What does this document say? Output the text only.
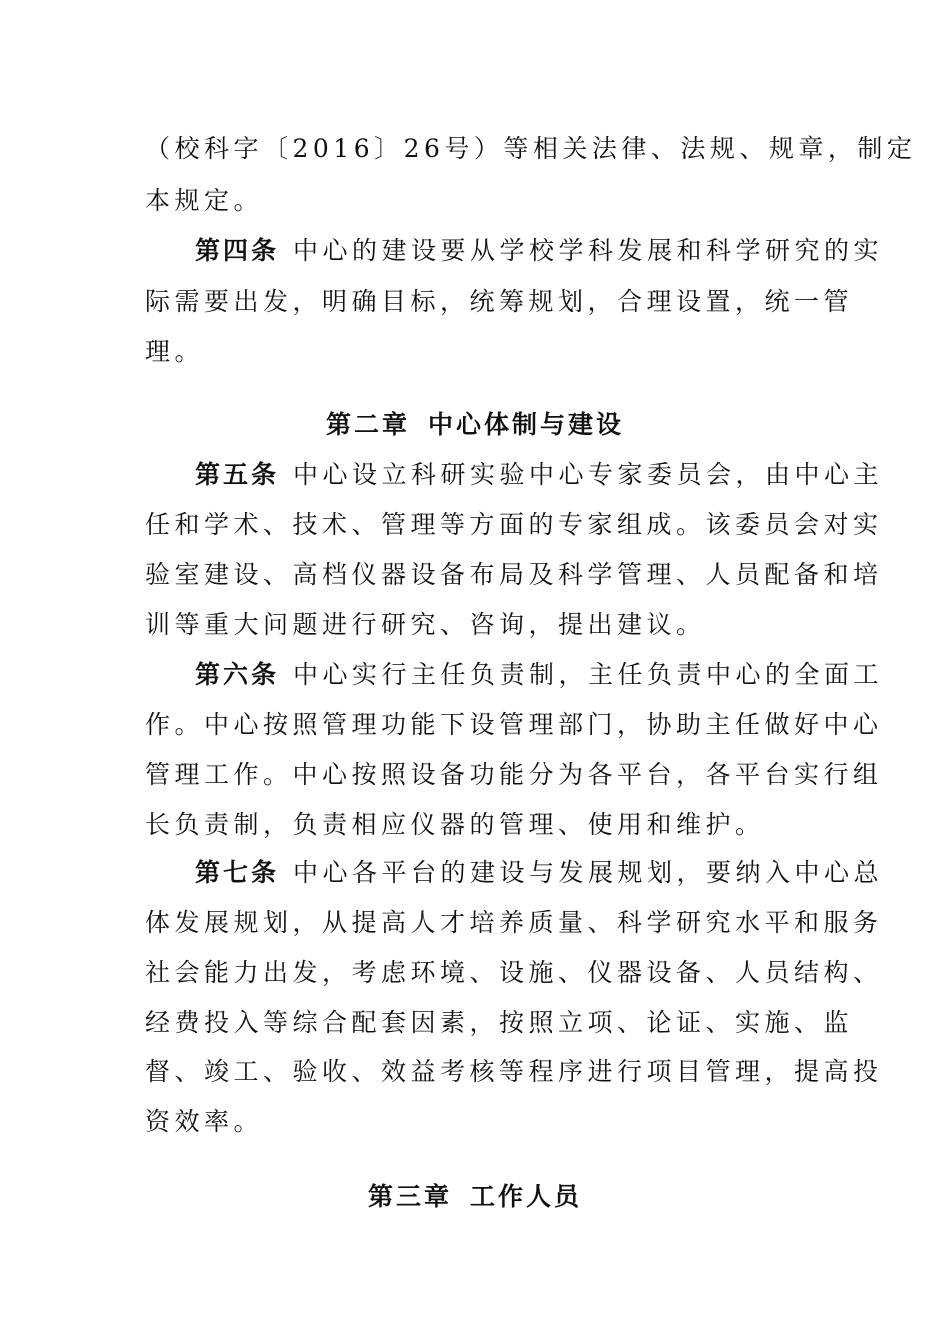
（校科字〔2016〕26号）等相关法律、法规、规章，制定
本规定。
第四条 中心的建设要从学校学科发展和科学研究的实
际需要出发，明确目标，统筹规划，合理设置，统一管
理。
第二章 中心体制与建设
第五条 中心设立科研实验中心专家委员会，由中心主
任和学术、技术、管理等方面的专家组成。该委员会对实
验室建设、高档仪器设备布局及科学管理、人员配备和培
训等重大问题进行研究、咨询，提出建议。
第六条 中心实行主任负责制，主任负责中心的全面工
作。中心按照管理功能下设管理部门，协助主任做好中心
管理工作。中心按照设备功能分为各平台，各平台实行组
长负责制，负责相应仪器的管理、使用和维护。
第七条 中心各平台的建设与发展规划，要纳入中心总
体发展规划，从提高人才培养质量、科学研究水平和服务
社会能力出发，考虑环境、设施、仪器设备、人员结构、
经费投入等综合配套因素，按照立项、论证、实施、监
督、竣工、验收、效益考核等程序进行项目管理，提高投
资效率。
第三章 工作人员
